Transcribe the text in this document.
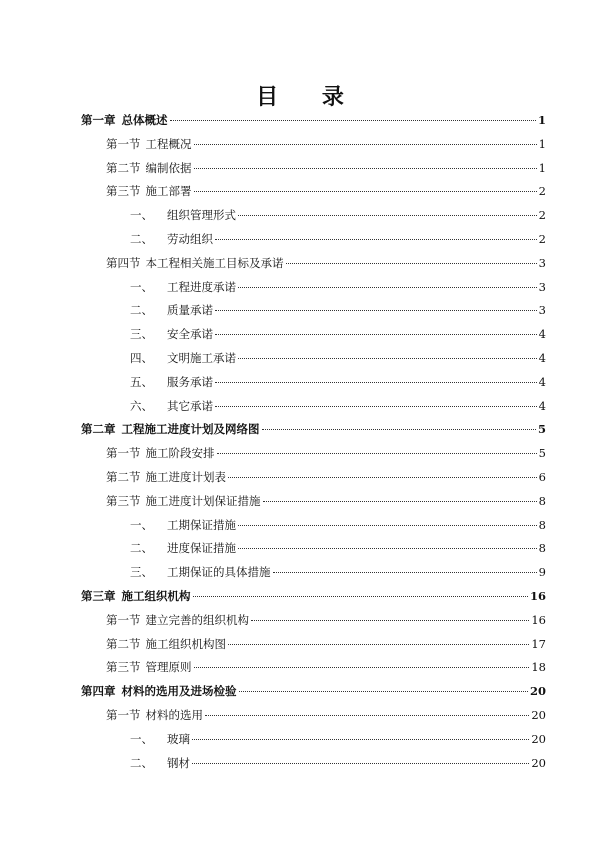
目 录
第一章 总体概述	1
第一节 工程概况	1
第二节 编制依据	1
第三节 施工部署	2
一、 组织管理形式	2
二、 劳动组织	2
第四节 本工程相关施工目标及承诺	3
一、 工程进度承诺	3
二、 质量承诺	3
三、 安全承诺	4
四、 文明施工承诺	4
五、 服务承诺	4
六、 其它承诺	4
第二章 工程施工进度计划及网络图	5
第一节 施工阶段安排	5
第二节 施工进度计划表	6
第三节 施工进度计划保证措施	8
一、 工期保证措施	8
二、 进度保证措施	8
三、 工期保证的具体措施	9
第三章 施工组织机构	16
第一节 建立完善的组织机构	16
第二节 施工组织机构图	17
第三节 管理原则	18
第四章 材料的选用及进场检验	20
第一节 材料的选用	20
一、 玻璃	20
二、 钢材	20
